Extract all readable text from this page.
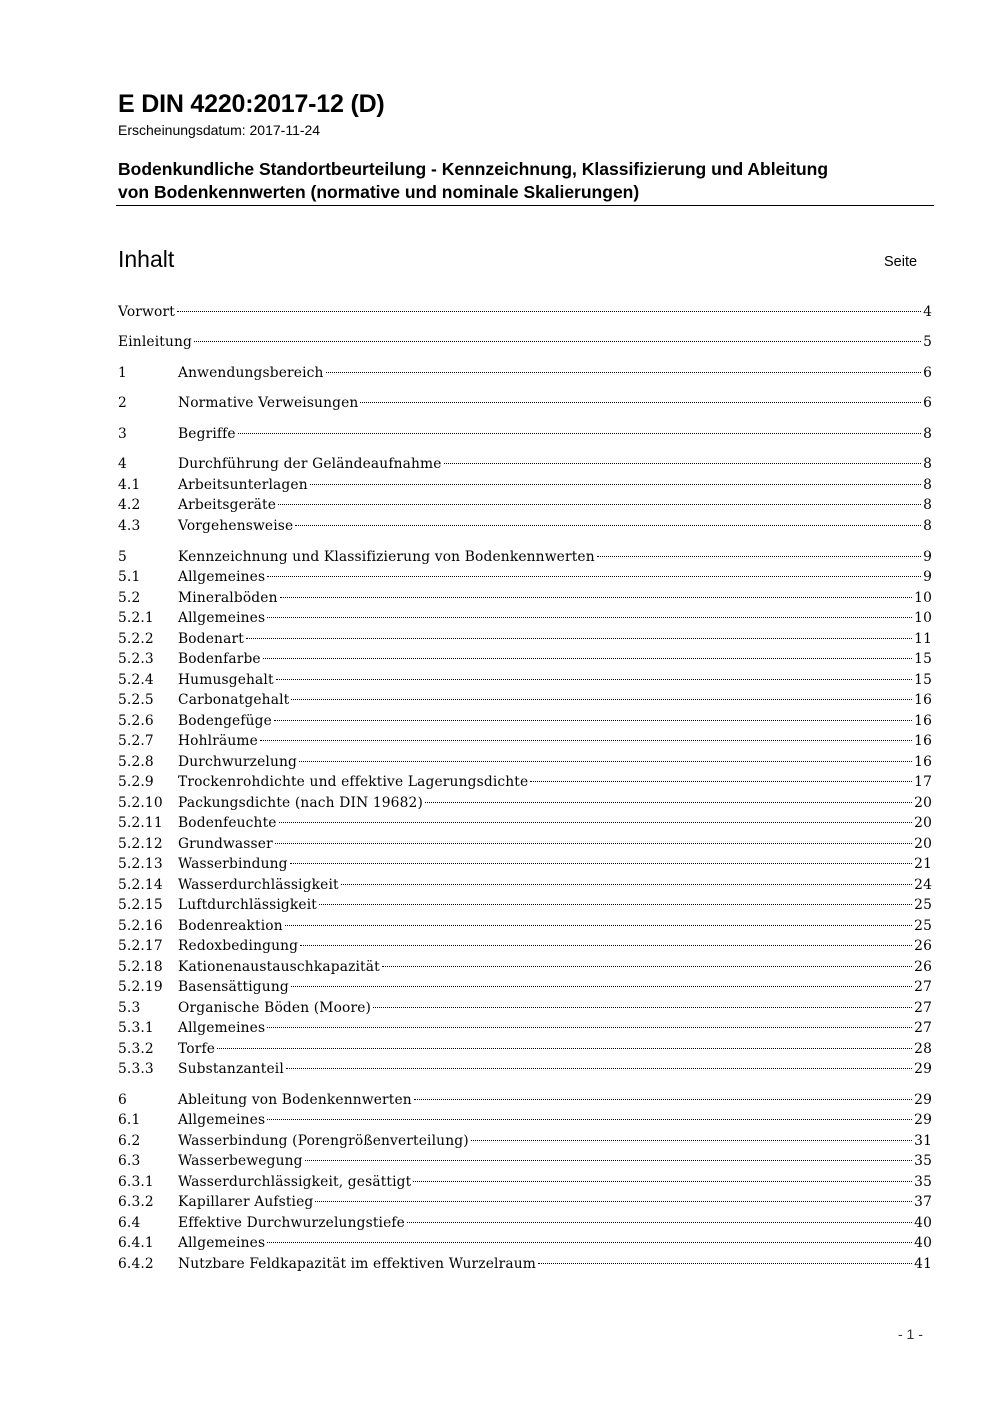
E DIN 4220:2017-12 (D)
Erscheinungsdatum: 2017-11-24
Bodenkundliche Standortbeurteilung - Kennzeichnung, Klassifizierung und Ableitung
von Bodenkennwerten (normative und nominale Skalierungen)
Inhalt	Seite
Vorwort	4
Einleitung	5
1	Anwendungsbereich	6
2	Normative Verweisungen	6
3	Begriffe	8
4	Durchführung der Geländeaufnahme	8
4.1	Arbeitsunterlagen	8
4.2	Arbeitsgeräte	8
4.3	Vorgehensweise	8
5	Kennzeichnung und Klassifizierung von Bodenkennwerten	9
5.1	Allgemeines	9
5.2	Mineralböden	10
5.2.1	Allgemeines	10
5.2.2	Bodenart	11
5.2.3	Bodenfarbe	15
5.2.4	Humusgehalt	15
5.2.5	Carbonatgehalt	16
5.2.6	Bodengefüge	16
5.2.7	Hohlräume	16
5.2.8	Durchwurzelung	16
5.2.9	Trockenrohdichte und effektive Lagerungsdichte	17
5.2.10	Packungsdichte (nach DIN 19682)	20
5.2.11	Bodenfeuchte	20
5.2.12	Grundwasser	20
5.2.13	Wasserbindung	21
5.2.14	Wasserdurchlässigkeit	24
5.2.15	Luftdurchlässigkeit	25
5.2.16	Bodenreaktion	25
5.2.17	Redoxbedingung	26
5.2.18	Kationenaustauschkapazität	26
5.2.19	Basensättigung	27
5.3	Organische Böden (Moore)	27
5.3.1	Allgemeines	27
5.3.2	Torfe	28
5.3.3	Substanzanteil	29
6	Ableitung von Bodenkennwerten	29
6.1	Allgemeines	29
6.2	Wasserbindung (Porengrößenverteilung)	31
6.3	Wasserbewegung	35
6.3.1	Wasserdurchlässigkeit, gesättigt	35
6.3.2	Kapillarer Aufstieg	37
6.4	Effektive Durchwurzelungstiefe	40
6.4.1	Allgemeines	40
6.4.2	Nutzbare Feldkapazität im effektiven Wurzelraum	41
- 1 -
